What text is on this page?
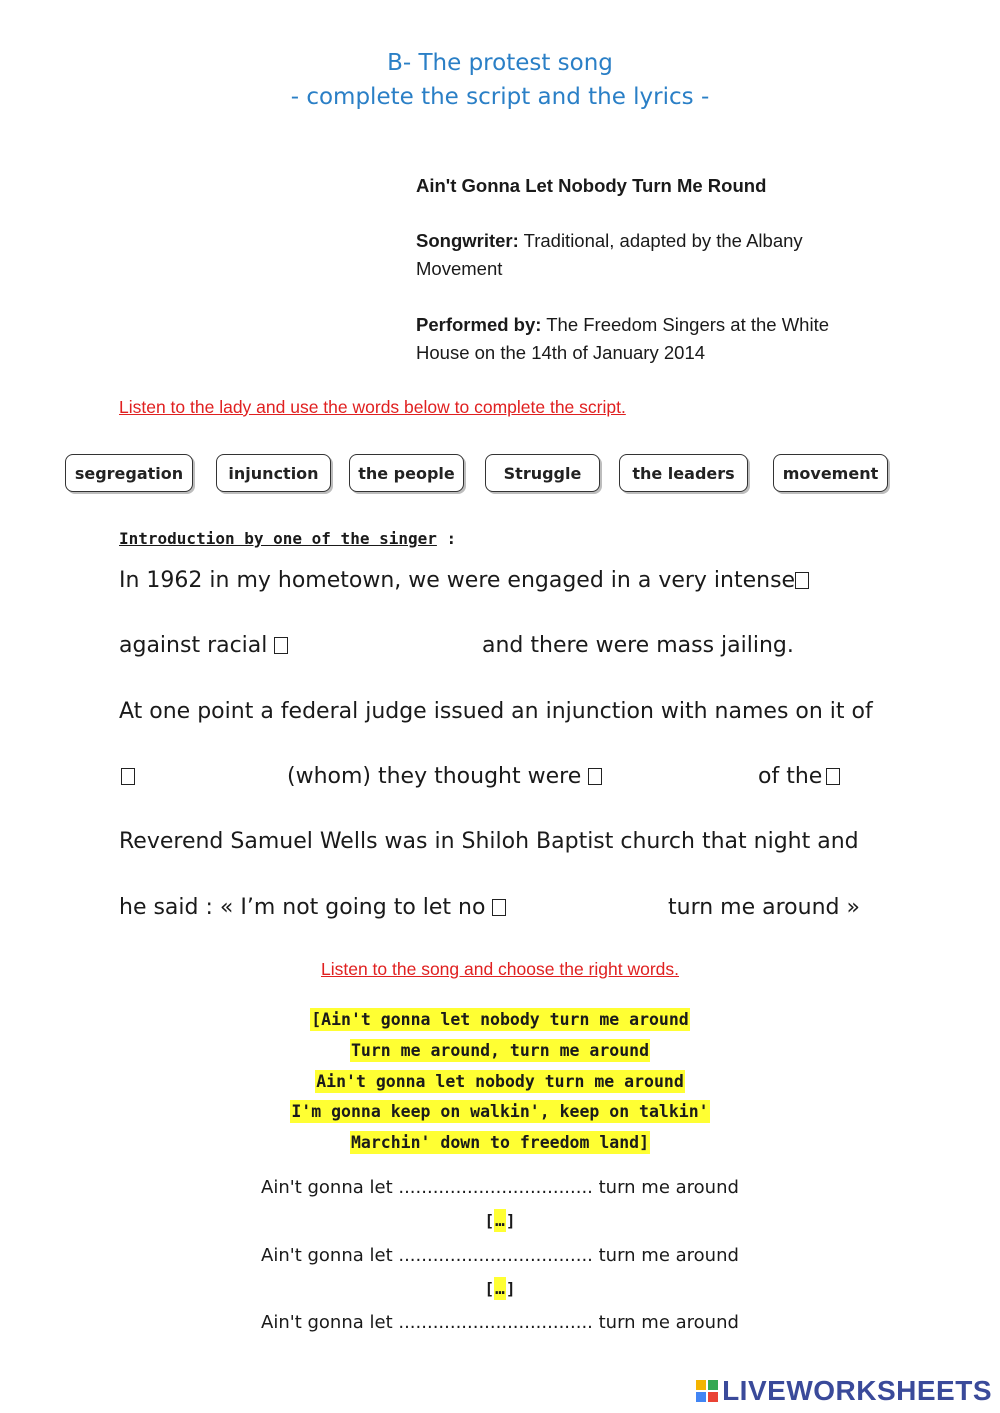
B- The protest song
- complete the script and the lyrics -
Ain't Gonna Let Nobody Turn Me Round
Songwriter: Traditional, adapted by the Albany Movement
Performed by: The Freedom Singers at the White House on the 14th of January 2014
Listen to the lady and use the words below to complete the script.
segregation	injunction	the people	Struggle	the leaders	movement
Introduction by one of the singer :
In 1962 in my hometown, we were engaged in a very intense
against racial	and there were mass jailing.
At one point a federal judge issued an injunction with names on it of
(whom) they thought were	of the
Reverend Samuel Wells was in Shiloh Baptist church that night and
he said : « I’m not going to let no	turn me around »
Listen to the song and choose the right words.
[Ain't gonna let nobody turn me around
Turn me around, turn me around
Ain't gonna let nobody turn me around
I'm gonna keep on walkin', keep on talkin'
Marchin' down to freedom land]
Ain't gonna let .................................. turn me around
[…]
Ain't gonna let .................................. turn me around
[…]
Ain't gonna let .................................. turn me around
LIVEWORKSHEETS
